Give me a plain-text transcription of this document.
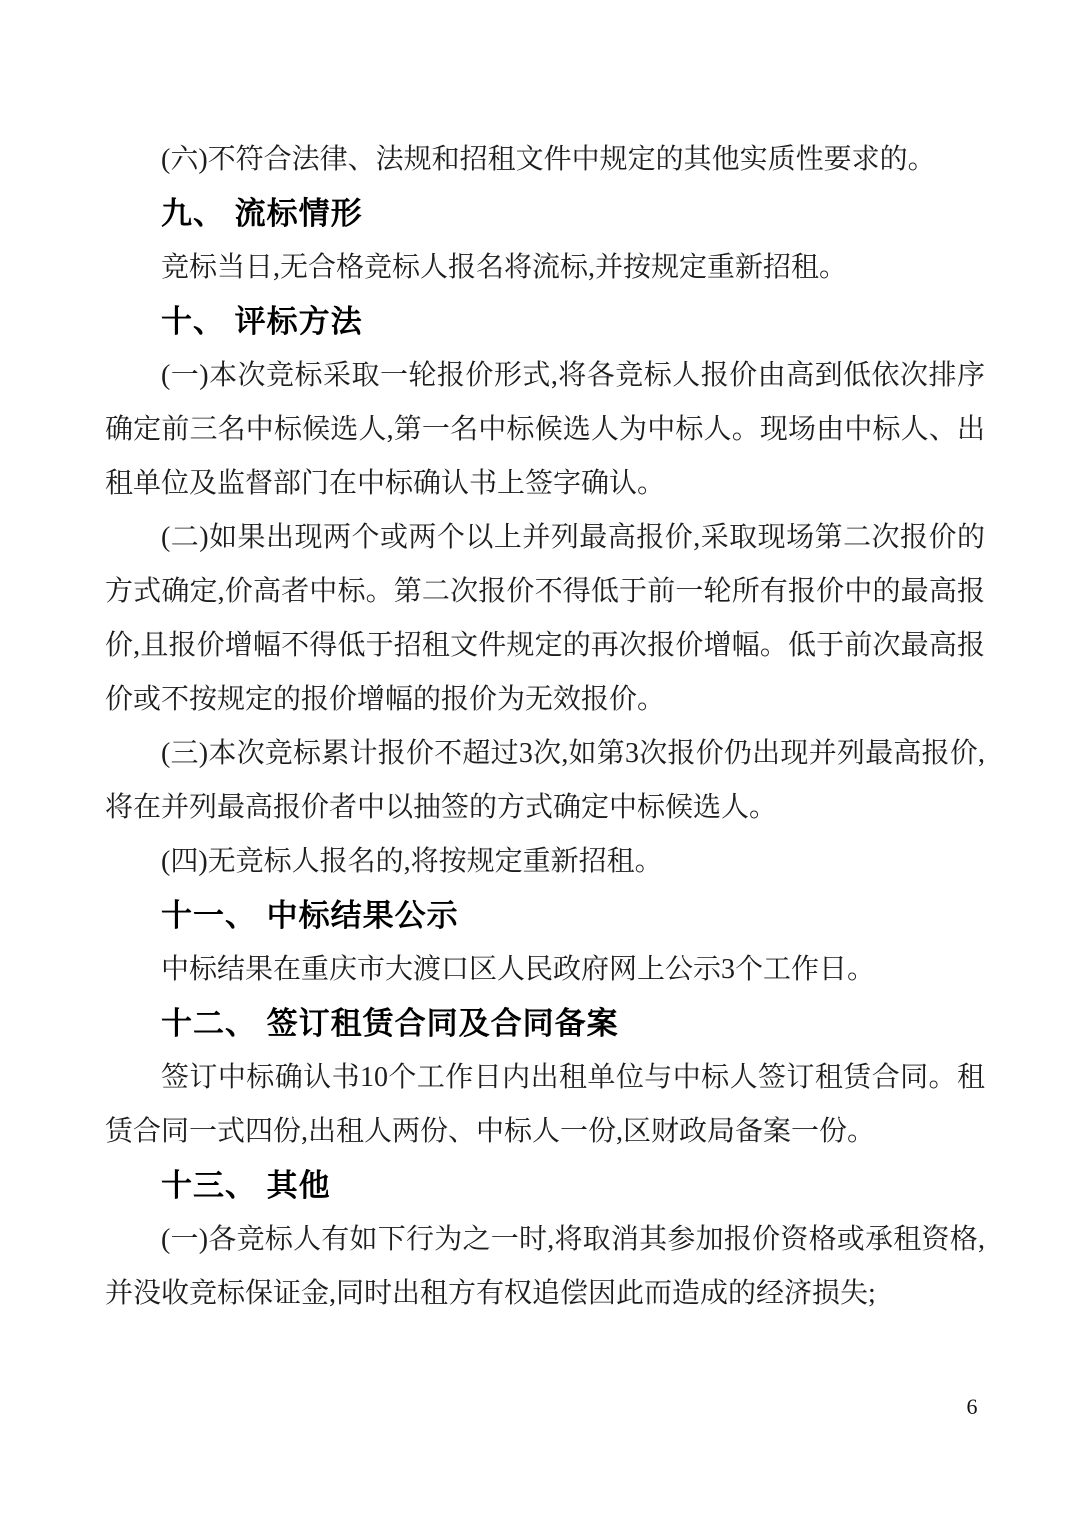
(六)不符合法律、法规和招租文件中规定的其他实质性要求的。

九、 流标情形

竞标当日,无合格竞标人报名将流标,并按规定重新招租。

十、 评标方法

(一)本次竞标采取一轮报价形式,将各竞标人报价由高到低依次排序确定前三名中标候选人,第一名中标候选人为中标人。现场由中标人、出租单位及监督部门在中标确认书上签字确认。

(二)如果出现两个或两个以上并列最高报价,采取现场第二次报价的方式确定,价高者中标。第二次报价不得低于前一轮所有报价中的最高报价,且报价增幅不得低于招租文件规定的再次报价增幅。低于前次最高报价或不按规定的报价增幅的报价为无效报价。

(三)本次竞标累计报价不超过3次,如第3次报价仍出现并列最高报价,将在并列最高报价者中以抽签的方式确定中标候选人。

(四)无竞标人报名的,将按规定重新招租。

十一、 中标结果公示

中标结果在重庆市大渡口区人民政府网上公示3个工作日。

十二、 签订租赁合同及合同备案

签订中标确认书10个工作日内出租单位与中标人签订租赁合同。租赁合同一式四份,出租人两份、中标人一份,区财政局备案一份。

十三、 其他

(一)各竞标人有如下行为之一时,将取消其参加报价资格或承租资格,并没收竞标保证金,同时出租方有权追偿因此而造成的经济损失;

6
